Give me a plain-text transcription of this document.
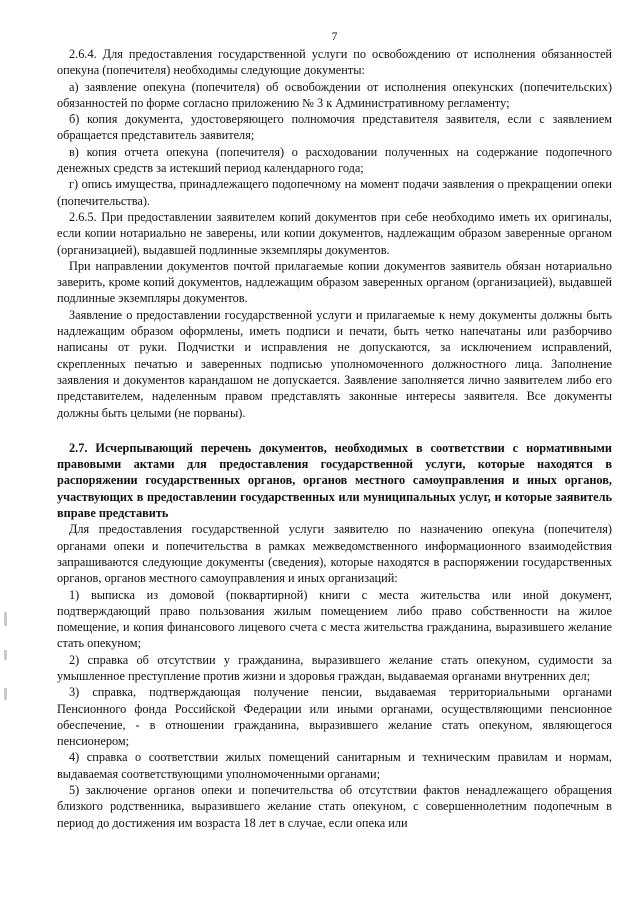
7

2.6.4. Для предоставления государственной услуги по освобождению от исполнения обязанностей опекуна (попечителя) необходимы следующие документы:

а) заявление опекуна (попечителя) об освобождении от исполнения опекунских (попечительских) обязанностей по форме согласно приложению № 3 к Административному регламенту;

б) копия документа, удостоверяющего полномочия представителя заявителя, если с заявлением обращается представитель заявителя;

в) копия отчета опекуна (попечителя) о расходовании полученных на содержание подопечного денежных средств за истекший период календарного года;

г) опись имущества, принадлежащего подопечному на момент подачи заявления о прекращении опеки (попечительства).

2.6.5. При предоставлении заявителем копий документов при себе необходимо иметь их оригиналы, если копии нотариально не заверены, или копии документов, надлежащим образом заверенные органом (организацией), выдавшей подлинные экземпляры документов.

При направлении документов почтой прилагаемые копии документов заявитель обязан нотариально заверить, кроме копий документов, надлежащим образом заверенных органом (организацией), выдавшей подлинные экземпляры документов.

Заявление о предоставлении государственной услуги и прилагаемые к нему документы должны быть надлежащим образом оформлены, иметь подписи и печати, быть четко напечатаны или разборчиво написаны от руки. Подчистки и исправления не допускаются, за исключением исправлений, скрепленных печатью и заверенных подписью уполномоченного должностного лица. Заполнение заявления и документов карандашом не допускается. Заявление заполняется лично заявителем либо его представителем, наделенным правом представлять законные интересы заявителя. Все документы должны быть целыми (не порваны).

2.7. Исчерпывающий перечень документов, необходимых в соответствии с нормативными правовыми актами для предоставления государственной услуги, которые находятся в распоряжении государственных органов, органов местного самоуправления и иных органов, участвующих в предоставлении государственных или муниципальных услуг, и которые заявитель вправе представить

Для предоставления государственной услуги заявителю по назначению опекуна (попечителя) органами опеки и попечительства в рамках межведомственного информационного взаимодействия запрашиваются следующие документы (сведения), которые находятся в распоряжении государственных органов, органов местного самоуправления и иных организаций:

1) выписка из домовой (поквартирной) книги с места жительства или иной документ, подтверждающий право пользования жилым помещением либо право собственности на жилое помещение, и копия финансового лицевого счета с места жительства гражданина, выразившего желание стать опекуном;

2) справка об отсутствии у гражданина, выразившего желание стать опекуном, судимости за умышленное преступление против жизни и здоровья граждан, выдаваемая органами внутренних дел;

3) справка, подтверждающая получение пенсии, выдаваемая территориальными органами Пенсионного фонда Российской Федерации или иными органами, осуществляющими пенсионное обеспечение, - в отношении гражданина, выразившего желание стать опекуном, являющегося пенсионером;

4) справка о соответствии жилых помещений санитарным и техническим правилам и нормам, выдаваемая соответствующими уполномоченными органами;

5) заключение органов опеки и попечительства об отсутствии фактов ненадлежащего обращения близкого родственника, выразившего желание стать опекуном, с совершеннолетним подопечным в период до достижения им возраста 18 лет в случае, если опека или
